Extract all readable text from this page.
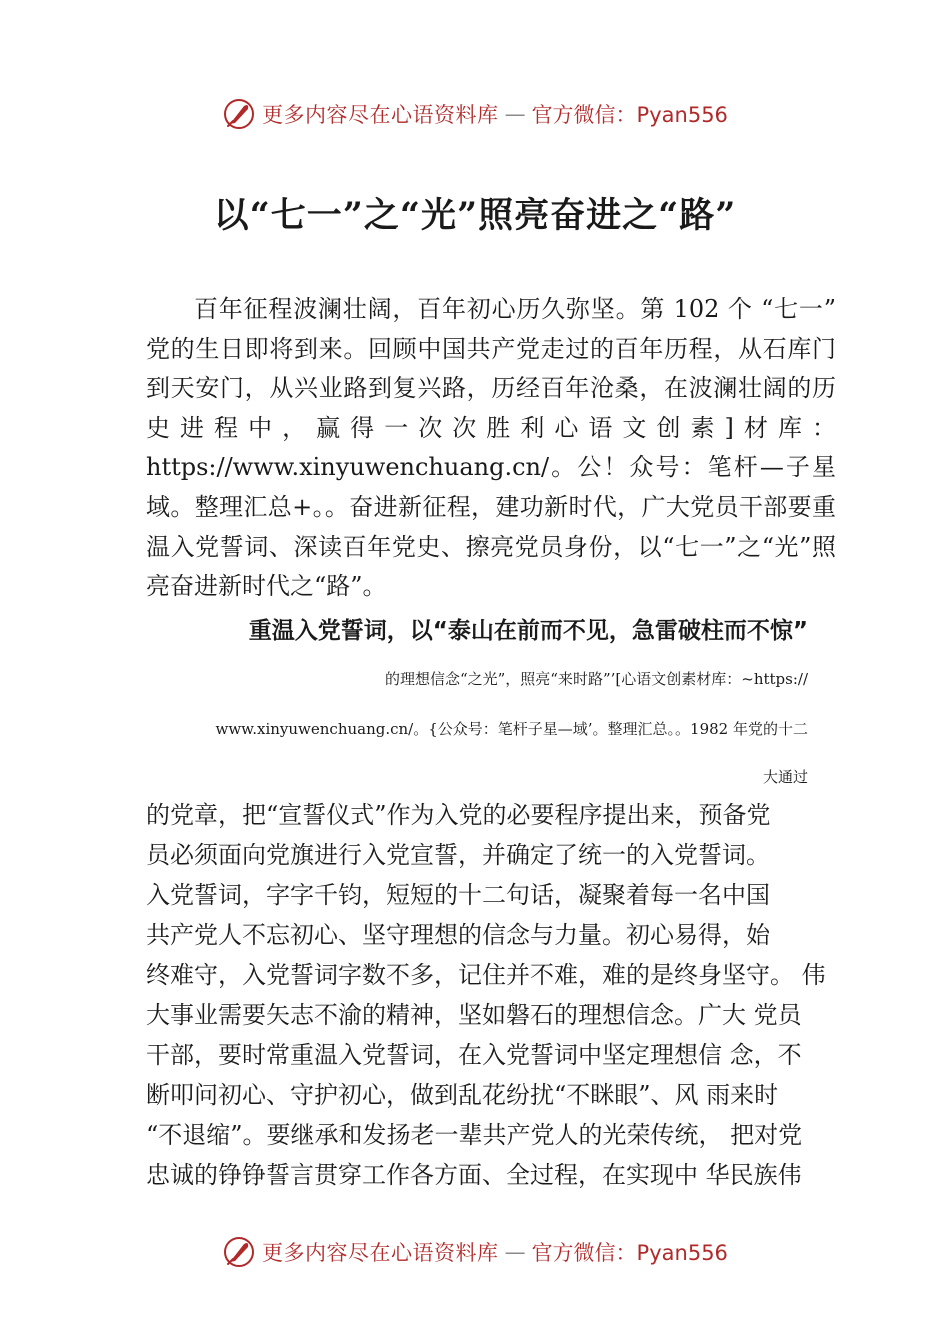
更多内容尽在心语资料库 — 官方微信：Pyan556
以“七一”之“光”照亮奋进之“路”

百年征程波澜壮阔，百年初心历久弥坚。第 102 个 “七一” 党的生日即将到来。回顾中国共产党走过的百年历程，从石库门到天安门，从兴业路到复兴路，历经百年沧桑，在波澜壮阔的历史进程中，赢得一次次胜利心语文创素]材库：https://www.xinyuwenchuang.cn/。公！众号：笔杆—子星域。整理汇总+。。奋进新征程，建功新时代，广大党员干部要重温入党誓词、深读百年党史、擦亮党员身份，以“七一”之“光”照亮奋进新时代之“路”。

重温入党誓词，以“泰山在前而不见，急雷破柱而不惊”

的理想信念“之光”，照亮“来时路”’[心语文创素材库：~https://

www.xinyuwenchuang.cn/。{公众号：笔杆子星—域’。整理汇总。。1982 年党的十二

大通过

的党章，把“宣誓仪式”作为入党的必要程序提出来，预备党
员必须面向党旗进行入党宣誓，并确定了统一的入党誓词。
入党誓词，字字千钧，短短的十二句话，凝聚着每一名中国
共产党人不忘初心、坚守理想的信念与力量。初心易得，始
终难守，入党誓词字数不多，记住并不难，难的是终身坚守。 伟
大事业需要矢志不渝的精神，坚如磐石的理想信念。广大 党员
干部，要时常重温入党誓词，在入党誓词中坚定理想信 念，不
断叩问初心、守护初心，做到乱花纷扰“不眯眼”、风 雨来时
“不退缩”。要继承和发扬老一辈共产党人的光荣传统， 把对党
忠诚的铮铮誓言贯穿工作各方面、全过程，在实现中 华民族伟
更多内容尽在心语资料库 — 官方微信：Pyan556
